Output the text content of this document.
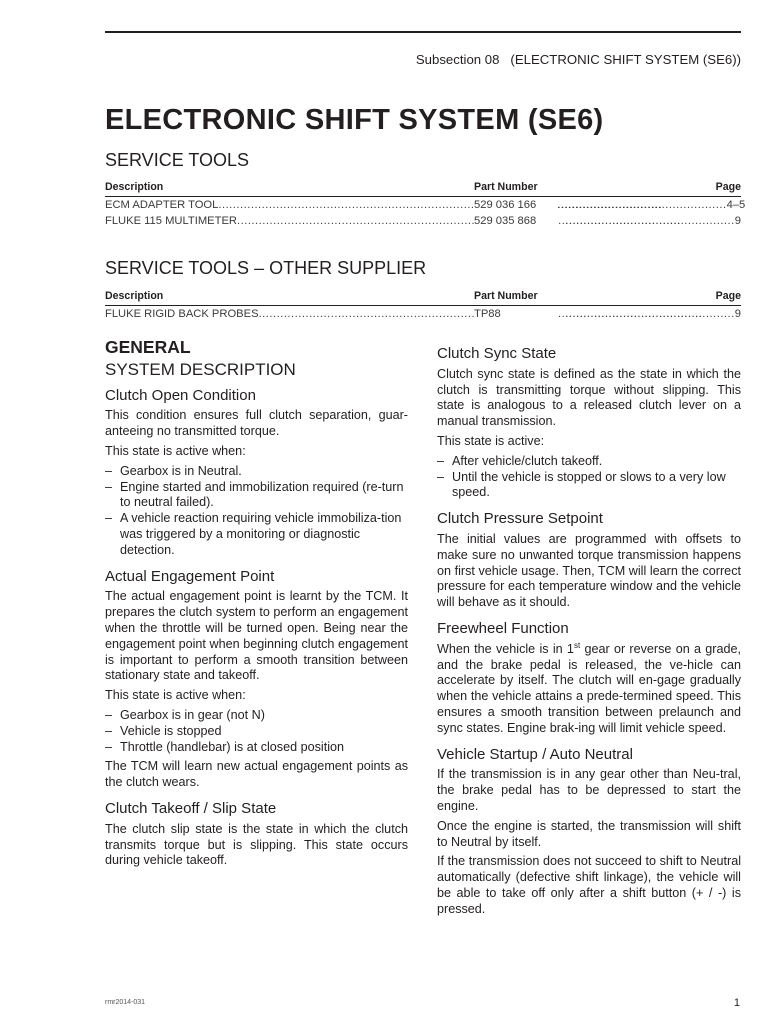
Subsection 08   (ELECTRONIC SHIFT SYSTEM (SE6))
ELECTRONIC SHIFT SYSTEM (SE6)
SERVICE TOOLS
Description	Part Number	Page
ECM ADAPTER TOOL .....	529 036 166	...............................................4–5
FLUKE 115 MULTIMETER .....	529 035 868	...............................................9
SERVICE TOOLS – OTHER SUPPLIER
Description	Part Number	Page
FLUKE RIGID BACK PROBES .....	TP88	...............................................9
GENERAL
SYSTEM DESCRIPTION
Clutch Open Condition

This condition ensures full clutch separation, guar-anteeing no transmitted torque.

This state is active when:

– Gearbox is in Neutral.
– Engine started and immobilization required (re-turn to neutral failed).
– A vehicle reaction requiring vehicle immobiliza-tion was triggered by a monitoring or diagnostic detection.
Actual Engagement Point

The actual engagement point is learnt by the TCM. It prepares the clutch system to perform an engagement when the throttle will be turned open. Being near the engagement point when beginning clutch engagement is important to perform a smooth transition between stationary state and takeoff.

This state is active when:

– Gearbox is in gear (not N)
– Vehicle is stopped
– Throttle (handlebar) is at closed position

The TCM will learn new actual engagement points as the clutch wears.

Clutch Takeoff / Slip State

The clutch slip state is the state in which the clutch transmits torque but is slipping. This state occurs during vehicle takeoff.

Clutch Sync State

Clutch sync state is defined as the state in which the clutch is transmitting torque without slipping. This state is analogous to a released clutch lever on a manual transmission.

This state is active:

– After vehicle/clutch takeoff.
– Until the vehicle is stopped or slows to a very low speed.
Clutch Pressure Setpoint

The initial values are programmed with offsets to make sure no unwanted torque transmission happens on first vehicle usage. Then, TCM will learn the correct pressure for each temperature window and the vehicle will behave as it should.

Freewheel Function

When the vehicle is in 1st gear or reverse on a grade, and the brake pedal is released, the ve-hicle can accelerate by itself. The clutch will en-gage gradually when the vehicle attains a prede-termined speed. This ensures a smooth transition between prelaunch and sync states. Engine brak-ing will limit vehicle speed.

Vehicle Startup / Auto Neutral

If the transmission is in any gear other than Neu-tral, the brake pedal has to be depressed to start the engine.

Once the engine is started, the transmission will shift to Neutral by itself.

If the transmission does not succeed to shift to Neutral automatically (defective shift linkage), the vehicle will be able to take off only after a shift button (+ / -) is pressed.

rmr2014-031	1
